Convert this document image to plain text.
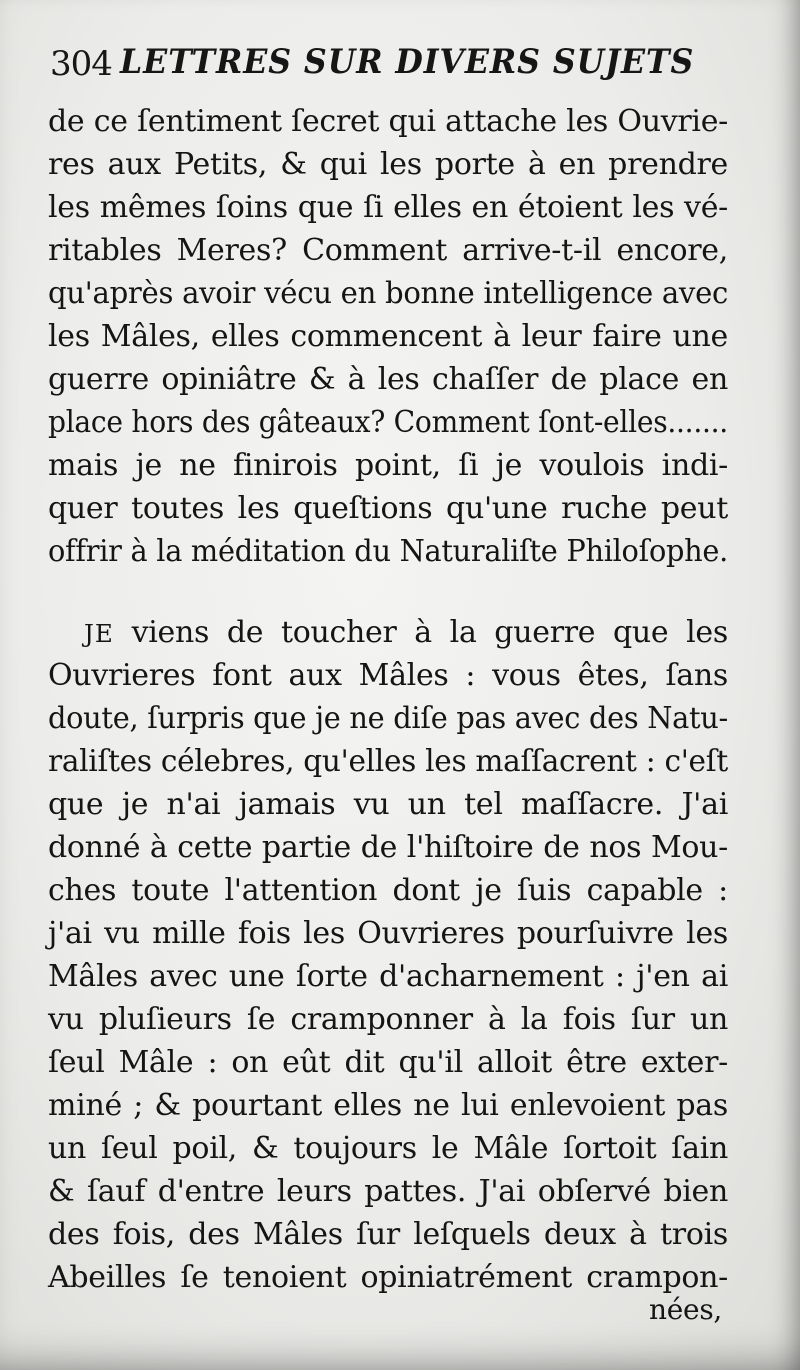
304 LETTRES SUR DIVERS SUJETS
de ce ſentiment ſecret qui attache les Ouvrie-
res aux Petits, & qui les porte à en prendre
les mêmes ſoins que ſi elles en étoient les vé-
ritables Meres? Comment arrive-t-il encore,
qu'après avoir vécu en bonne intelligence avec
les Mâles, elles commencent à leur faire une
guerre opiniâtre & à les chaſſer de place en
place hors des gâteaux? Comment ſont-elles.......
mais je ne finirois point, ſi je voulois indi-
quer toutes les queſtions qu'une ruche peut
offrir à la méditation du Naturaliſte Philoſophe.
JE viens de toucher à la guerre que les
Ouvrieres font aux Mâles : vous êtes, ſans
doute, ſurpris que je ne diſe pas avec des Natu-
raliſtes célebres, qu'elles les maſſacrent : c'eſt
que je n'ai jamais vu un tel maſſacre. J'ai
donné à cette partie de l'hiſtoire de nos Mou-
ches toute l'attention dont je ſuis capable :
j'ai vu mille fois les Ouvrieres pourſuivre les
Mâles avec une ſorte d'acharnement : j'en ai
vu pluſieurs ſe cramponner à la fois ſur un
ſeul Mâle : on eût dit qu'il alloit être exter-
miné ; & pourtant elles ne lui enlevoient pas
un ſeul poil, & toujours le Mâle ſortoit ſain
& ſauf d'entre leurs pattes. J'ai obſervé bien
des fois, des Mâles ſur leſquels deux à trois
Abeilles ſe tenoient opiniatrément crampon-
nées,
